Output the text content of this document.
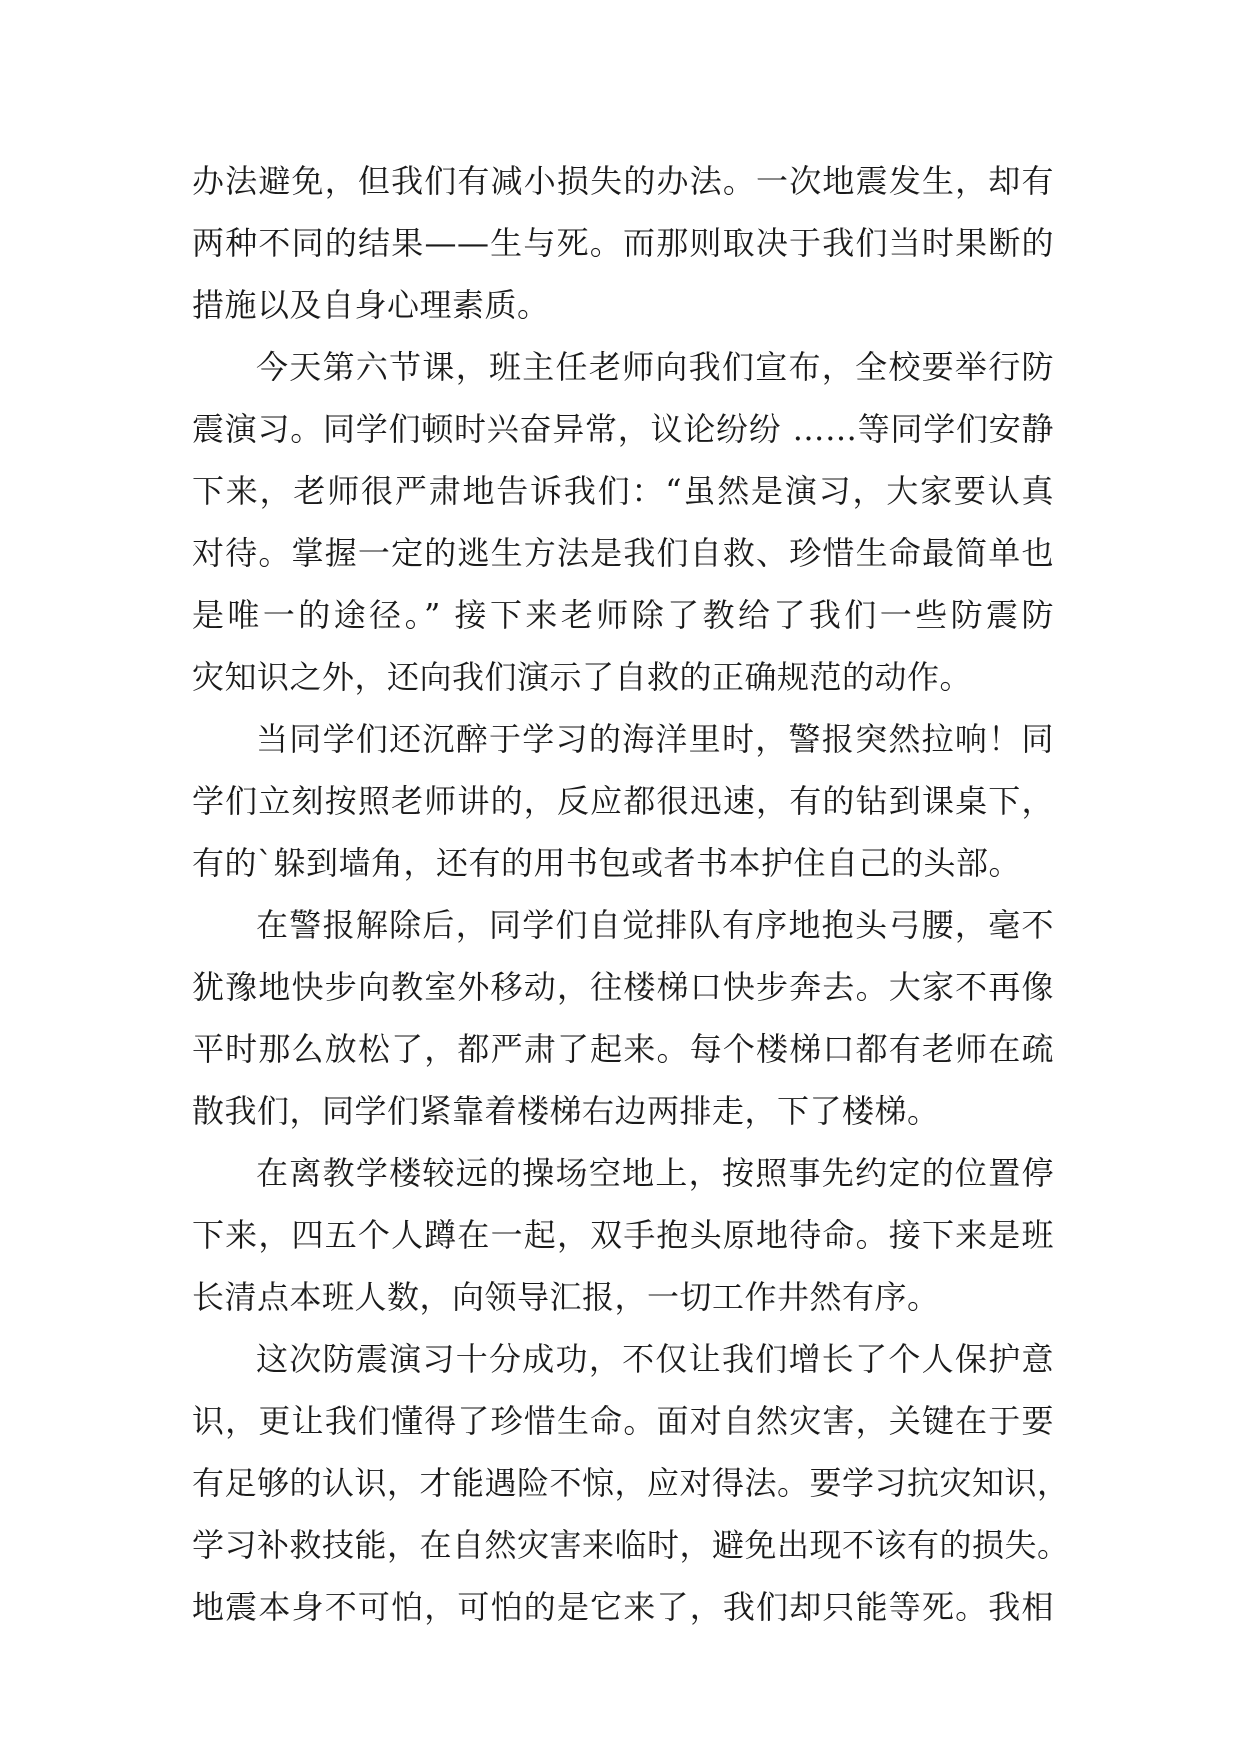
办法避免，但我们有减小损失的办法。一次地震发生，却有
两种不同的结果——生与死。而那则取决于我们当时果断的
措施以及自身心理素质。
今天第六节课，班主任老师向我们宣布，全校要举行防
震演习。同学们顿时兴奋异常，议论纷纷 ……等同学们安静
下来，老师很严肃地告诉我们：“虽然是演习，大家要认真
对待。掌握一定的逃生方法是我们自救、珍惜生命最简单也
是唯一的途径。” 接下来老师除了教给了我们一些防震防
灾知识之外，还向我们演示了自救的正确规范的动作。
当同学们还沉醉于学习的海洋里时，警报突然拉响！同
学们立刻按照老师讲的，反应都很迅速，有的钻到课桌下，
有的`躲到墙角，还有的用书包或者书本护住自己的头部。
在警报解除后，同学们自觉排队有序地抱头弓腰，毫不
犹豫地快步向教室外移动，往楼梯口快步奔去。大家不再像
平时那么放松了，都严肃了起来。每个楼梯口都有老师在疏
散我们，同学们紧靠着楼梯右边两排走，下了楼梯。
在离教学楼较远的操场空地上，按照事先约定的位置停
下来，四五个人蹲在一起，双手抱头原地待命。接下来是班
长清点本班人数，向领导汇报，一切工作井然有序。
这次防震演习十分成功，不仅让我们增长了个人保护意
识，更让我们懂得了珍惜生命。面对自然灾害，关键在于要
有足够的认识，才能遇险不惊，应对得法。要学习抗灾知识，
学习补救技能，在自然灾害来临时，避免出现不该有的损失。
地震本身不可怕，可怕的是它来了，我们却只能等死。我相
